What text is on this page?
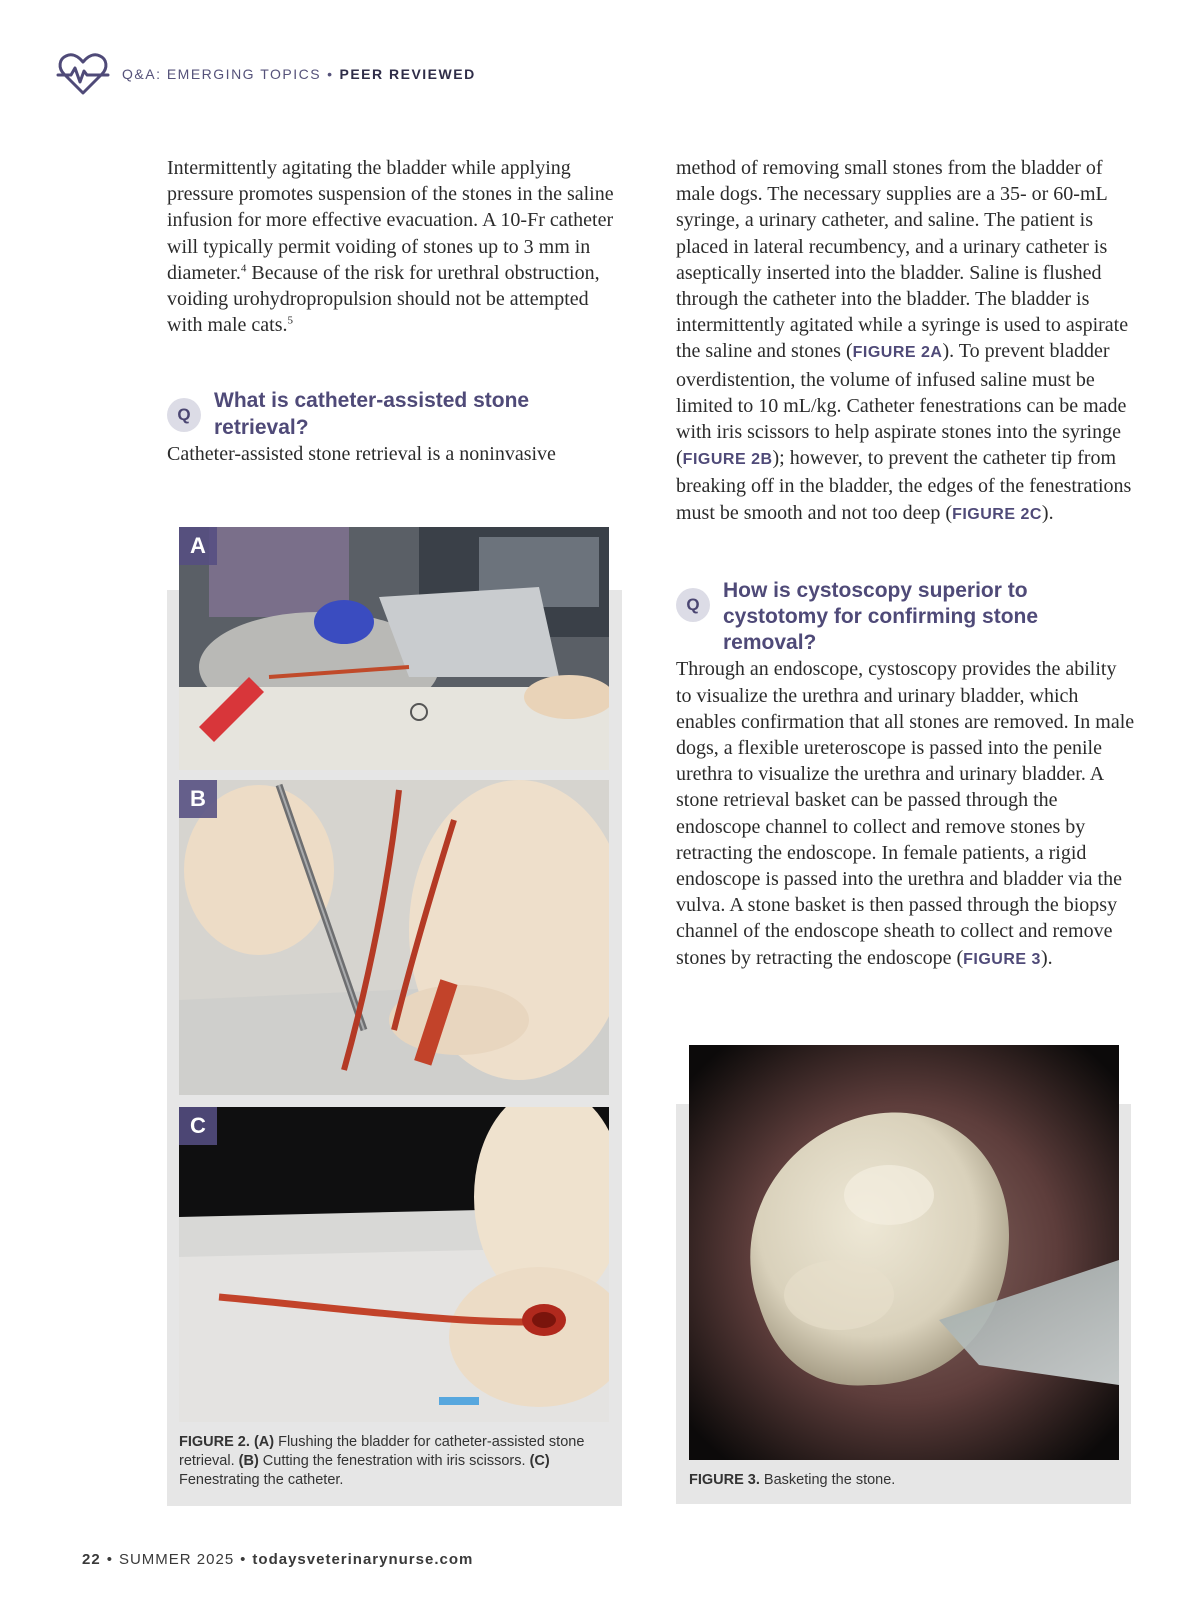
Q&A: EMERGING TOPICS • PEER REVIEWED

Intermittently agitating the bladder while applying pressure promotes suspension of the stones in the saline infusion for more effective evacuation. A 10-Fr catheter will typically permit voiding of stones up to 3 mm in diameter.$^4$ Because of the risk for urethral obstruction, voiding urohydropropulsion should not be attempted with male cats.$^5$

Q
What is catheter-assisted stone retrieval?

Catheter-assisted stone retrieval is a noninvasive

method of removing small stones from the bladder of male dogs. The necessary supplies are a 35- or 60-mL syringe, a urinary catheter, and saline. The patient is placed in lateral recumbency, and a urinary catheter is aseptically inserted into the bladder. Saline is flushed through the catheter into the bladder. The bladder is intermittently agitated while a syringe is used to aspirate the saline and stones (FIGURE 2A). To prevent bladder overdistention, the volume of infused saline must be limited to 10 mL/kg. Catheter fenestrations can be made with iris scissors to help aspirate stones into the syringe (FIGURE 2B); however, to prevent the catheter tip from breaking off in the bladder, the edges of the fenestrations must be smooth and not too deep (FIGURE 2C).

Q
How is cystoscopy superior to cystotomy for confirming stone removal?

Through an endoscope, cystoscopy provides the ability to visualize the urethra and urinary bladder, which enables confirmation that all stones are removed. In male dogs, a flexible ureteroscope is passed into the penile urethra to visualize the urethra and urinary bladder. A stone retrieval basket can be passed through the endoscope channel to collect and remove stones by retracting the endoscope. In female patients, a rigid endoscope is passed into the urethra and bladder via the vulva. A stone basket is then passed through the biopsy channel of the endoscope sheath to collect and remove stones by retracting the endoscope (FIGURE 3).

A
B
C
FIGURE 2. (A) Flushing the bladder for catheter-assisted stone retrieval. (B) Cutting the fenestration with iris scissors. (C) Fenestrating the catheter.	FIGURE 3. Basketing the stone.
22 • SUMMER 2025 • todaysveterinarynurse.com
